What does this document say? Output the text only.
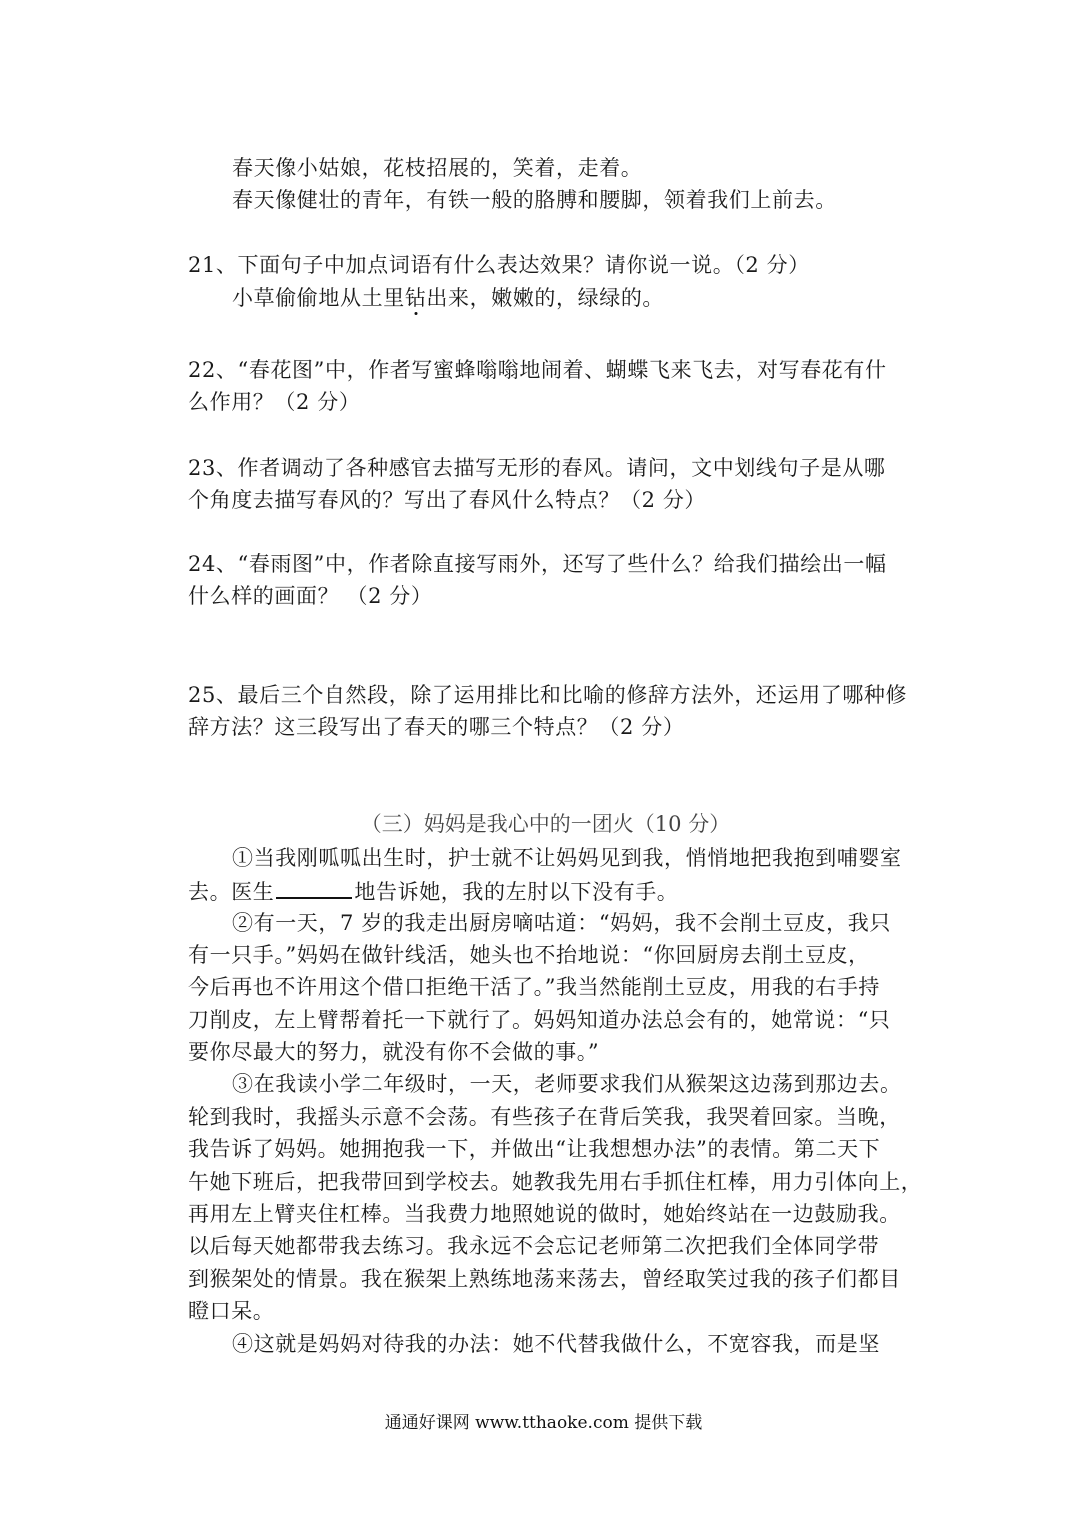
春天像小姑娘，花枝招展的，笑着，走着。
春天像健壮的青年，有铁一般的胳膊和腰脚，领着我们上前去。
21、下面句子中加点词语有什么表达效果？请你说一说。（2 分）
小草偷偷地从土里钻出来，嫩嫩的，绿绿的。
22、“春花图”中，作者写蜜蜂嗡嗡地闹着、蝴蝶飞来飞去，对写春花有什
么作用？（2 分）
23、作者调动了各种感官去描写无形的春风。请问，文中划线句子是从哪
个角度去描写春风的？写出了春风什么特点？（2 分）
24、“春雨图”中，作者除直接写雨外，还写了些什么？给我们描绘出一幅
什么样的画面？ （2 分）
25、最后三个自然段，除了运用排比和比喻的修辞方法外，还运用了哪种修
辞方法？这三段写出了春天的哪三个特点？（2 分）
（三）妈妈是我心中的一团火（10 分）
①当我刚呱呱出生时，护士就不让妈妈见到我，悄悄地把我抱到哺婴室
去。医生	地告诉她，我的左肘以下没有手。
②有一天，7 岁的我走出厨房嘀咕道：“妈妈，我不会削土豆皮，我只
有一只手。”妈妈在做针线活，她头也不抬地说：“你回厨房去削土豆皮，
今后再也不许用这个借口拒绝干活了。”我当然能削土豆皮，用我的右手持
刀削皮，左上臂帮着托一下就行了。妈妈知道办法总会有的，她常说：“只
要你尽最大的努力，就没有你不会做的事。”
③在我读小学二年级时，一天，老师要求我们从猴架这边荡到那边去。
轮到我时，我摇头示意不会荡。有些孩子在背后笑我，我哭着回家。当晚，
我告诉了妈妈。她拥抱我一下，并做出“让我想想办法”的表情。第二天下
午她下班后，把我带回到学校去。她教我先用右手抓住杠棒，用力引体向上，
再用左上臂夹住杠棒。当我费力地照她说的做时，她始终站在一边鼓励我。
以后每天她都带我去练习。我永远不会忘记老师第二次把我们全体同学带
到猴架处的情景。我在猴架上熟练地荡来荡去，曾经取笑过我的孩子们都目
瞪口呆。
④这就是妈妈对待我的办法：她不代替我做什么，不宽容我，而是坚
通通好课网 www.tthaoke.com 提供下载
